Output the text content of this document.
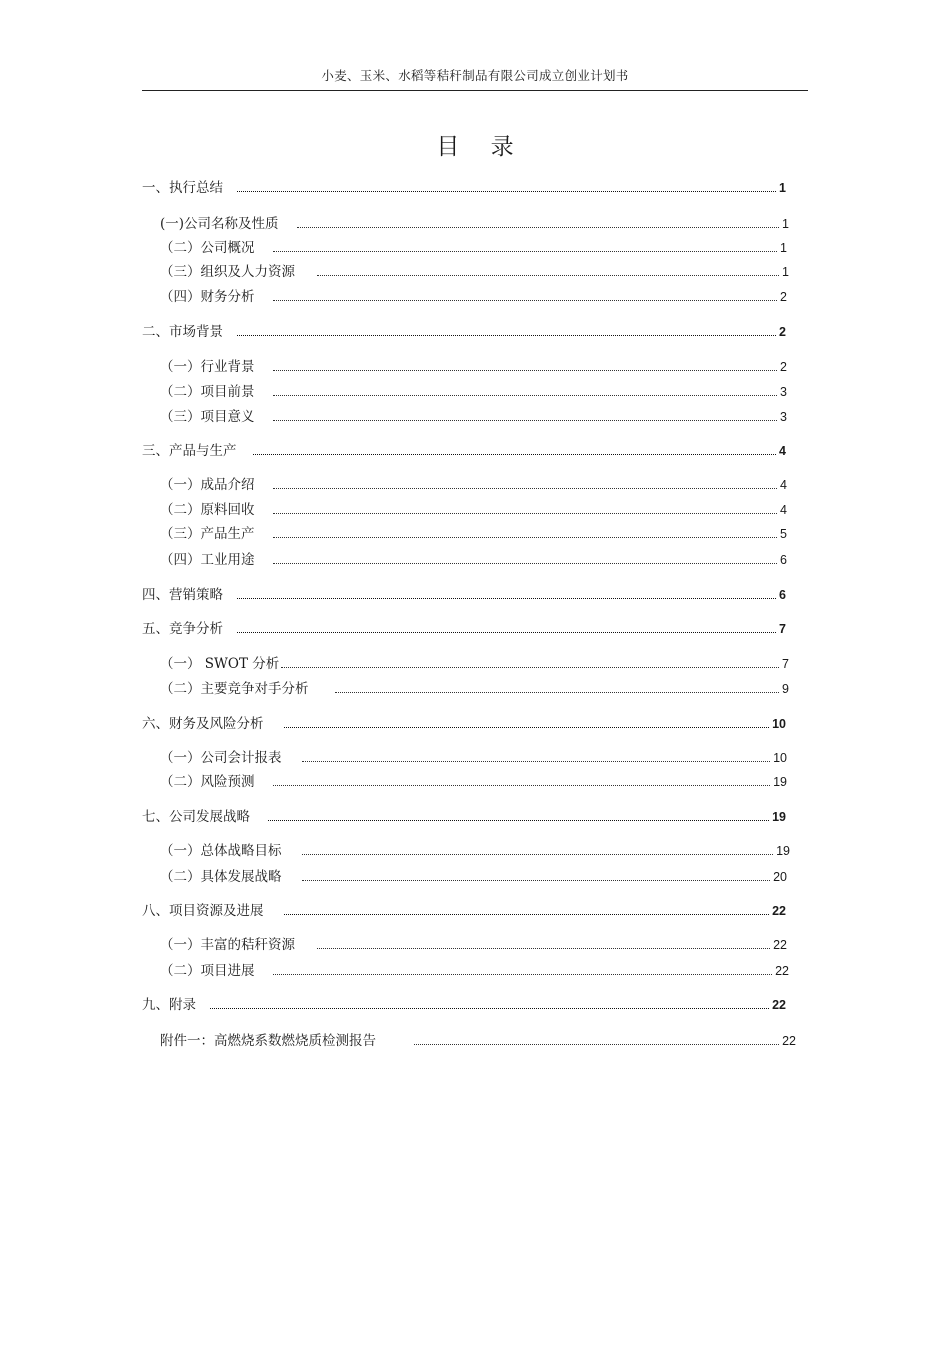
小麦、玉米、水稻等秸秆制品有限公司成立创业计划书
目 录
一、执行总结	1
(一)公司名称及性质	1
（二）公司概况	1
（三）组织及人力资源	1
（四）财务分析	2
二、市场背景	2
（一）行业背景	2
（二）项目前景	3
（三）项目意义	3
三、产品与生产	4
（一）成品介绍	4
（二）原料回收	4
（三）产品生产	5
（四）工业用途	6
四、营销策略	6
五、竞争分析	7
（一） SWOT 分析	7
（二）主要竞争对手分析	9
六、财务及风险分析	10
（一）公司会计报表	10
（二）风险预测	19
七、公司发展战略	19
（一）总体战略目标	19
（二）具体发展战略	20
八、项目资源及进展	22
（一）丰富的秸秆资源	22
（二）项目进展	22
九、附录	22
附件一：高燃烧系数燃烧质检测报告	22
